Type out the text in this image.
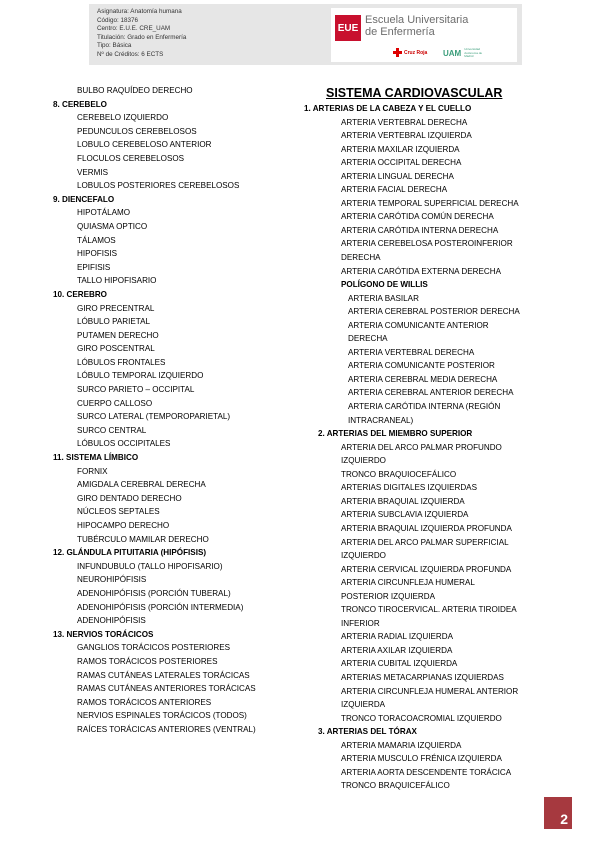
Asignatura: Anatomía humana
Código: 18376
Centro: E.U.E. CRE_UAM
Titulación: Grado en Enfermería
Tipo: Básica
Nº de Créditos: 6 ECTS
EUE
Escuela Universitaria
de Enfermería
Cruz Roja UAM Universidad Autónoma de Madrid
BULBO RAQUÍDEO DERECHO
8. CEREBELO
CEREBELO IZQUIERDO
PEDUNCULOS CEREBELOSOS
LOBULO CEREBELOSO ANTERIOR
FLOCULOS CEREBELOSOS
VERMIS
LOBULOS POSTERIORES CEREBELOSOS
9. DIENCEFALO
HIPOTÁLAMO
QUIASMA OPTICO
TÁLAMOS
HIPOFISIS
EPIFISIS
TALLO HIPOFISARIO
10. CEREBRO
GIRO PRECENTRAL
LÓBULO PARIETAL
PUTAMEN DERECHO
GIRO POSCENTRAL
LÓBULOS FRONTALES
LÓBULO TEMPORAL IZQUIERDO
SURCO PARIETO – OCCIPITAL
CUERPO CALLOSO
SURCO LATERAL (TEMPOROPARIETAL)
SURCO CENTRAL
LÓBULOS OCCIPITALES
11. SISTEMA LÍMBICO
FORNIX
AMIGDALA CEREBRAL DERECHA
GIRO DENTADO DERECHO
NÚCLEOS SEPTALES
HIPOCAMPO DERECHO
TUBÉRCULO MAMILAR DERECHO
12. GLÁNDULA PITUITARIA (HIPÓFISIS)
INFUNDUBULO (TALLO HIPOFISARIO)
NEUROHIPÓFISIS
ADENOHIPÓFISIS (PORCIÓN TUBERAL)
ADENOHIPÓFISIS (PORCIÓN INTERMEDIA)
ADENOHIPÓFISIS
13. NERVIOS TORÁCICOS
GANGLIOS TORÁCICOS POSTERIORES
RAMOS TORÁCICOS POSTERIORES
RAMAS CUTÁNEAS LATERALES TORÁCICAS
RAMAS CUTÁNEAS ANTERIORES TORÁCICAS
RAMOS TORÁCICOS ANTERIORES
NERVIOS ESPINALES TORÁCICOS (TODOS)
RAÍCES TORÁCICAS ANTERIORES (VENTRAL)
SISTEMA CARDIOVASCULAR
1. ARTERIAS DE LA CABEZA Y EL CUELLO
ARTERIA VERTEBRAL DERECHA
ARTERIA VERTEBRAL IZQUIERDA
ARTERIA MAXILAR IZQUIERDA
ARTERIA OCCIPITAL DERECHA
ARTERIA LINGUAL DERECHA
ARTERIA FACIAL DERECHA
ARTERIA TEMPORAL SUPERFICIAL DERECHA
ARTERIA CARÓTIDA COMÚN DERECHA
ARTERIA CARÓTIDA INTERNA DERECHA
ARTERIA CEREBELOSA POSTEROINFERIOR
DERECHA
ARTERIA CARÓTIDA EXTERNA DERECHA
POLÍGONO DE WILLIS
ARTERIA BASILAR
ARTERIA CEREBRAL POSTERIOR DERECHA
ARTERIA COMUNICANTE ANTERIOR
DERECHA
ARTERIA VERTEBRAL DERECHA
ARTERIA COMUNICANTE POSTERIOR
ARTERIA CEREBRAL MEDIA DERECHA
ARTERIA CEREBRAL ANTERIOR DERECHA
ARTERIA CARÓTIDA INTERNA (REGIÓN
INTRACRANEAL)
2. ARTERIAS DEL MIEMBRO SUPERIOR
ARTERIA DEL ARCO PALMAR PROFUNDO
IZQUIERDO
TRONCO BRAQUIOCEFÁLICO
ARTERIAS DIGITALES IZQUIERDAS
ARTERIA BRAQUIAL IZQUIERDA
ARTERIA SUBCLAVIA IZQUIERDA
ARTERIA BRAQUIAL IZQUIERDA PROFUNDA
ARTERIA DEL ARCO PALMAR SUPERFICIAL
IZQUIERDO
ARTERIA CERVICAL IZQUIERDA PROFUNDA
ARTERIA CIRCUNFLEJA HUMERAL
POSTERIOR IZQUIERDA
TRONCO TIROCERVICAL. ARTERIA TIROIDEA
INFERIOR
ARTERIA RADIAL IZQUIERDA
ARTERIA AXILAR IZQUIERDA
ARTERIA CUBITAL IZQUIERDA
ARTERIAS METACARPIANAS IZQUIERDAS
ARTERIA CIRCUNFLEJA HUMERAL ANTERIOR
IZQUIERDA
TRONCO TORACOACROMIAL IZQUIERDO
3. ARTERIAS DEL TÓRAX
ARTERIA MAMARIA IZQUIERDA
ARTERIA MUSCULO FRÉNICA IZQUIERDA
ARTERIA AORTA DESCENDENTE TORÁCICA
TRONCO BRAQUICEFÁLICO
2
